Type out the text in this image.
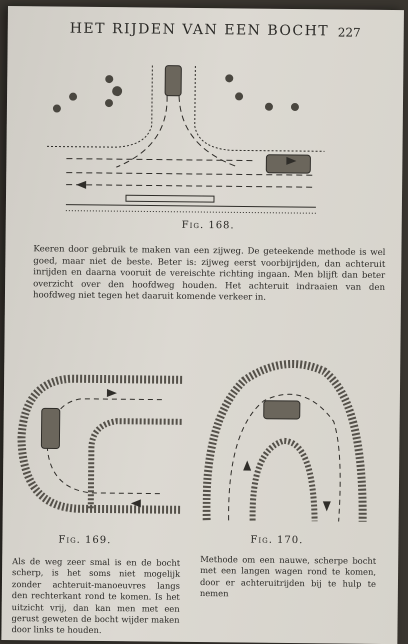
HET RIJDEN VAN EEN BOCHT 227
Fig. 168.
Keeren door gebruik te maken van een zijweg. De geteekende methode is wel goed, maar niet de beste. Beter is: zijweg eerst voorbijrijden, dan achteruit inrijden en daarna vooruit de vereischte richting ingaan. Men blijft dan beter overzicht over den hoofdweg houden. Het achteruit indraaien van den hoofdweg niet tegen het daaruit komende verkeer in.
Fig. 169.	Fig. 170.
Als de weg zeer smal is en de bocht scherp, is het soms niet mogelijk zonder achteruit-manoeuvres langs den rechterkant rond te komen. Is het uitzicht vrij, dan kan men met een gerust geweten de bocht wijder maken door links te houden.
Methode om een nauwe, scherpe bocht met een langen wagen rond te komen, door er achteruitrijden bij te hulp te nemen
